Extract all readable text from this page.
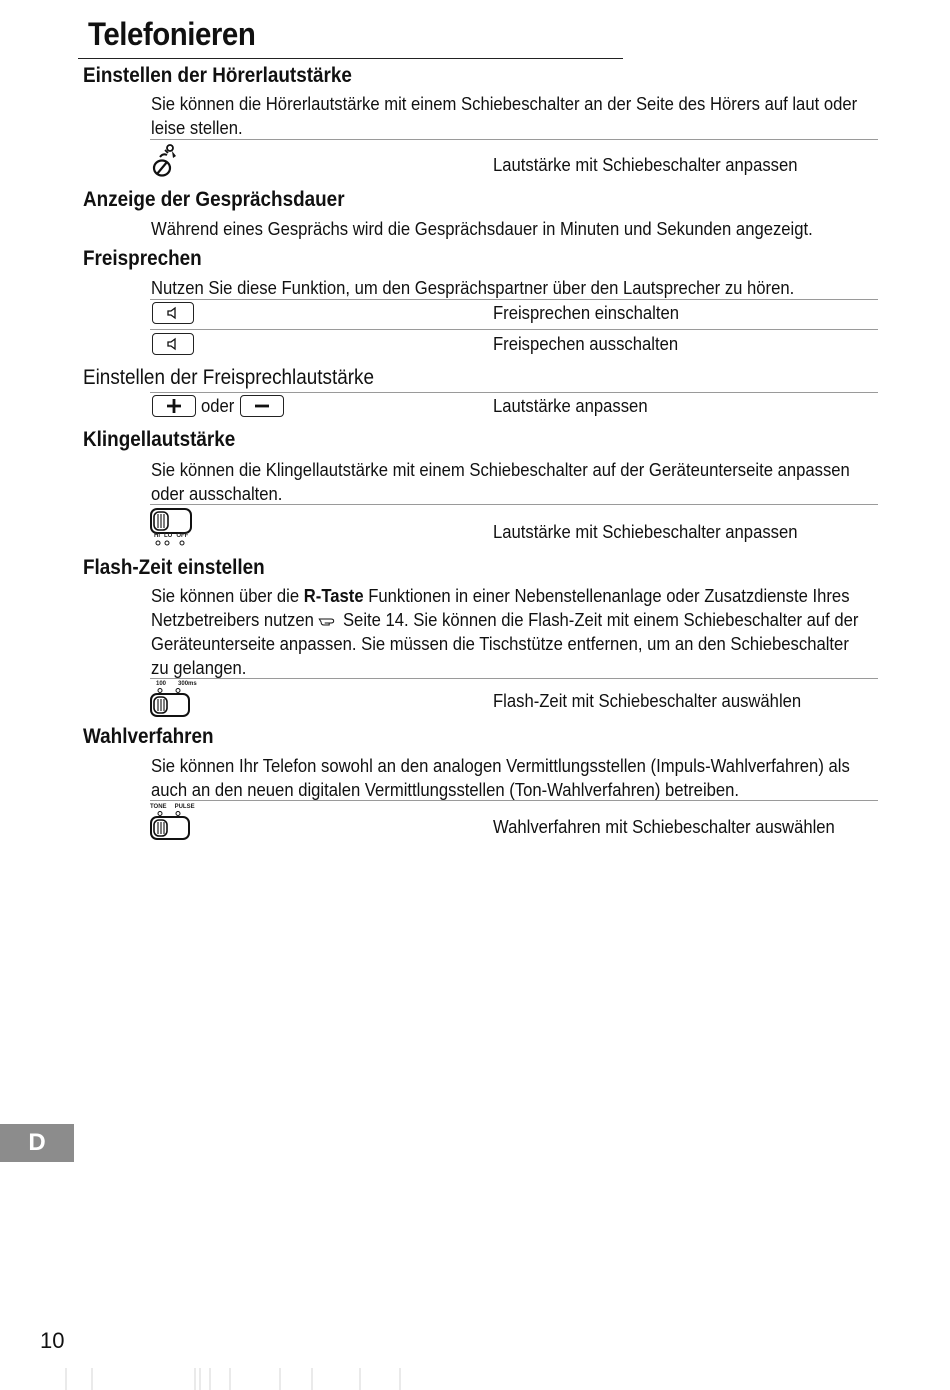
Telefonieren
Einstellen der Hörerlautstärke
Sie können die Hörerlautstärke mit einem Schiebeschalter an der Seite des Hörers auf laut oder leise stellen.
Lautstärke mit Schiebeschalter anpassen
Anzeige der Gesprächsdauer
Während eines Gesprächs wird die Gesprächsdauer in Minuten und Sekunden angezeigt.
Freisprechen
Nutzen Sie diese Funktion, um den Gesprächspartner über den Lautsprecher zu hören.
Freisprechen einschalten
Freispechen ausschalten
Einstellen der Freisprechlautstärke
oder	Lautstärke anpassen
Klingellautstärke
Sie können die Klingellautstärke mit einem Schiebeschalter auf der Geräteunterseite anpassen oder ausschalten.
HI LO OFF	Lautstärke mit Schiebeschalter anpassen
Flash-Zeit einstellen
Sie können über die R-Taste Funktionen in einer Nebenstellenanlage oder Zusatzdienste Ihres Netzbetreibers nutzen  Seite 14. Sie können die Flash-Zeit mit einem Schiebeschalter auf der Geräteunterseite anpassen. Sie müssen die Tischstütze entfernen, um an den Schiebeschalter zu gelangen.
100 300ms
Flash-Zeit mit Schiebeschalter auswählen
Wahlverfahren
Sie können Ihr Telefon sowohl an den analogen Vermittlungsstellen (Impuls-Wahlverfahren) als auch an den neuen digitalen Vermittlungsstellen (Ton-Wahlverfahren) betreiben.
TONE PULSE
Wahlverfahren mit Schiebeschalter auswählen
D
10
